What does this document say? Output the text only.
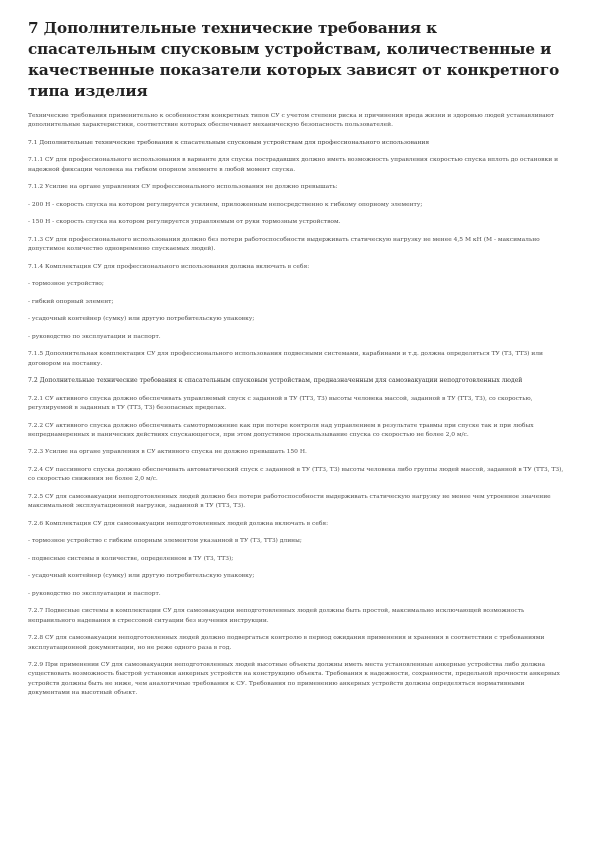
7 Дополнительные технические требования к спасательным спусковым устройствам, количественные и качественные показатели которых зависят от конкретного типа изделия

Технические требования применительно к особенностям конкретных типов СУ с учетом степени риска и причинения вреда жизни и здоровью людей устанавливают дополнительные характеристики, соответствие которых обеспечивает механическую безопасность пользователей.

7.1 Дополнительные технические требования к спасательным спусковым устройствам для профессионального использования

7.1.1 СУ для профессионального использования в варианте для спуска пострадавших должно иметь возможность управления скоростью спуска вплоть до остановки и надежной фиксации человека на гибком опорном элементе в любой момент спуска.

7.1.2 Усилие на органе управления СУ профессионального использования не должно превышать:

- 200 Н - скорость спуска на котором регулируется усилием, приложенным непосредственно к гибкому опорному элементу;

- 150 Н - скорость спуска на котором регулируется управляемым от руки тормозным устройством.

7.1.3 СУ для профессионального использования должно без потери работоспособности выдерживать статическую нагрузку не менее 4,5 М кН (М - максимально допустимое количество одновременно спускаемых людей).

7.1.4 Комплектация СУ для профессионального использования должна включать в себя:

- тормозное устройство;

- гибкий опорный элемент;

- усадочный контейнер (сумку) или другую потребительскую упаковку;

- руководство по эксплуатации и паспорт.

7.1.5 Дополнительная комплектация СУ для профессионального использования подвесными системами, карабинами и т.д. должна определяться ТУ (ТЗ, ТТЗ) или договором на поставку.

7.2 Дополнительные технические требования к спасательным спусковым устройствам, предназначенным для самоэвакуации неподготовленных людей

7.2.1 СУ активного спуска должно обеспечивать управляемый спуск с заданной в ТУ (ТТЗ, ТЗ) высоты человека массой, заданной в ТУ (ТТЗ, ТЗ), со скоростью, регулируемой в заданных в ТУ (ТТЗ, ТЗ) безопасных пределах.

7.2.2 СУ активного спуска должно обеспечивать самоторможение как при потере контроля над управлением в результате травмы при спуске так и при любых непреднамеренных и панических действиях спускающегося, при этом допустимое проскальзывание спуска со скоростью не более 2,0 м/с.

7.2.3 Усилие на органе управления в СУ активного спуска не должно превышать 150 Н.

7.2.4 СУ пассивного спуска должно обеспечивать автоматический спуск с заданной в ТУ (ТТЗ, ТЗ) высоты человека либо группы людей массой, заданной в ТУ (ТТЗ, ТЗ), со скоростью снижения не более 2,0 м/с.

7.2.5 СУ для самоэвакуации неподготовленных людей должно без потери работоспособности выдерживать статическую нагрузку не менее чем утроенное значение максимальной эксплуатационной нагрузки, заданной в ТУ (ТТЗ, ТЗ).

7.2.6 Комплектация СУ для самоэвакуации неподготовленных людей должна включать в себя:

- тормозное устройство с гибким опорным элементом указанной в ТУ (ТЗ, ТТЗ) длины;

- подвесные системы в количестве, определенном в ТУ (ТЗ, ТТЗ);

- усадочный контейнер (сумку) или другую потребительскую упаковку;

- руководство по эксплуатации и паспорт.

7.2.7 Подвесные системы в комплектации СУ для самоэвакуации неподготовленных людей должны быть простой, максимально исключающей возможность неправильного надевания в стрессовой ситуации без изучения инструкции.

7.2.8 СУ для самоэвакуации неподготовленных людей должно подвергаться контролю в период ожидания применения и хранения в соответствии с требованиями эксплуатационной документации, но не реже одного раза в год.

7.2.9 При применении СУ для самоэвакуации неподготовленных людей высотные объекты должны иметь места установленные анкерные устройства либо должна существовать возможность быстрой установки анкерных устройств на конструкцию объекта. Требования к надежности, сохранности, предельной прочности анкерных устройств должны быть не ниже, чем аналогичные требования к СУ. Требования по применению анкерных устройств должны определяться нормативными документами на высотный объект.
